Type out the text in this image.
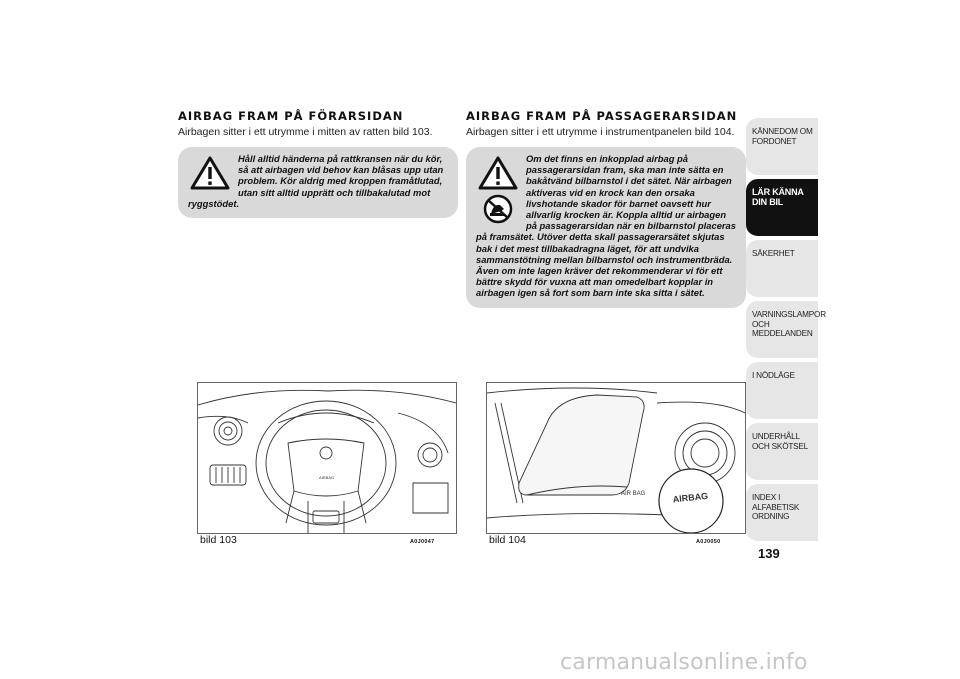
AIRBAG FRAM PÅ FÖRARSIDAN

Airbagen sitter i ett utrymme i mitten av ratten bild 103.

Håll alltid händerna på rattkransen när du kör, så att airbagen vid behov kan blåsas upp utan problem. Kör aldrig med kroppen framåtlutad, utan sitt alltid upprätt och tillbakalutad mot ryggstödet.

AIRBAG FRAM PÅ PASSAGERARSIDAN

Airbagen sitter i ett utrymme i instrumentpanelen bild 104.

Om det finns en inkopplad airbag på passagerarsidan fram, ska man inte sätta en bakåtvänd bilbarnstol i det sätet. När airbagen aktiveras vid en krock kan den orsaka livshotande skador för barnet oavsett hur allvarlig krocken är. Koppla alltid ur airbagen på passagerarsidan när en bilbarnstol placeras på framsätet. Utöver detta skall passagerarsätet skjutas bak i det mest tillbakadragna läget, för att undvika sammanstötning mellan bilbarnstol och instrumentbräda. Även om inte lagen kräver det rekommenderar vi för ett bättre skydd för vuxna att man omedelbart kopplar in airbagen igen så fort som barn inte ska sitta i sätet.

AIRBAG
bild 103	A0J0047
AIR BAG	AIRBAG
bild 104	A0J0050
KÄNNEDOM OM FORDONET
LÄR KÄNNA DIN BIL
SÄKERHET
VARNINGSLAMPOR OCH MEDDELANDEN
I NÖDLÄGE
UNDERHÅLL OCH SKÖTSEL
INDEX I ALFABETISK ORDNING
139
carmanualsonline.info
